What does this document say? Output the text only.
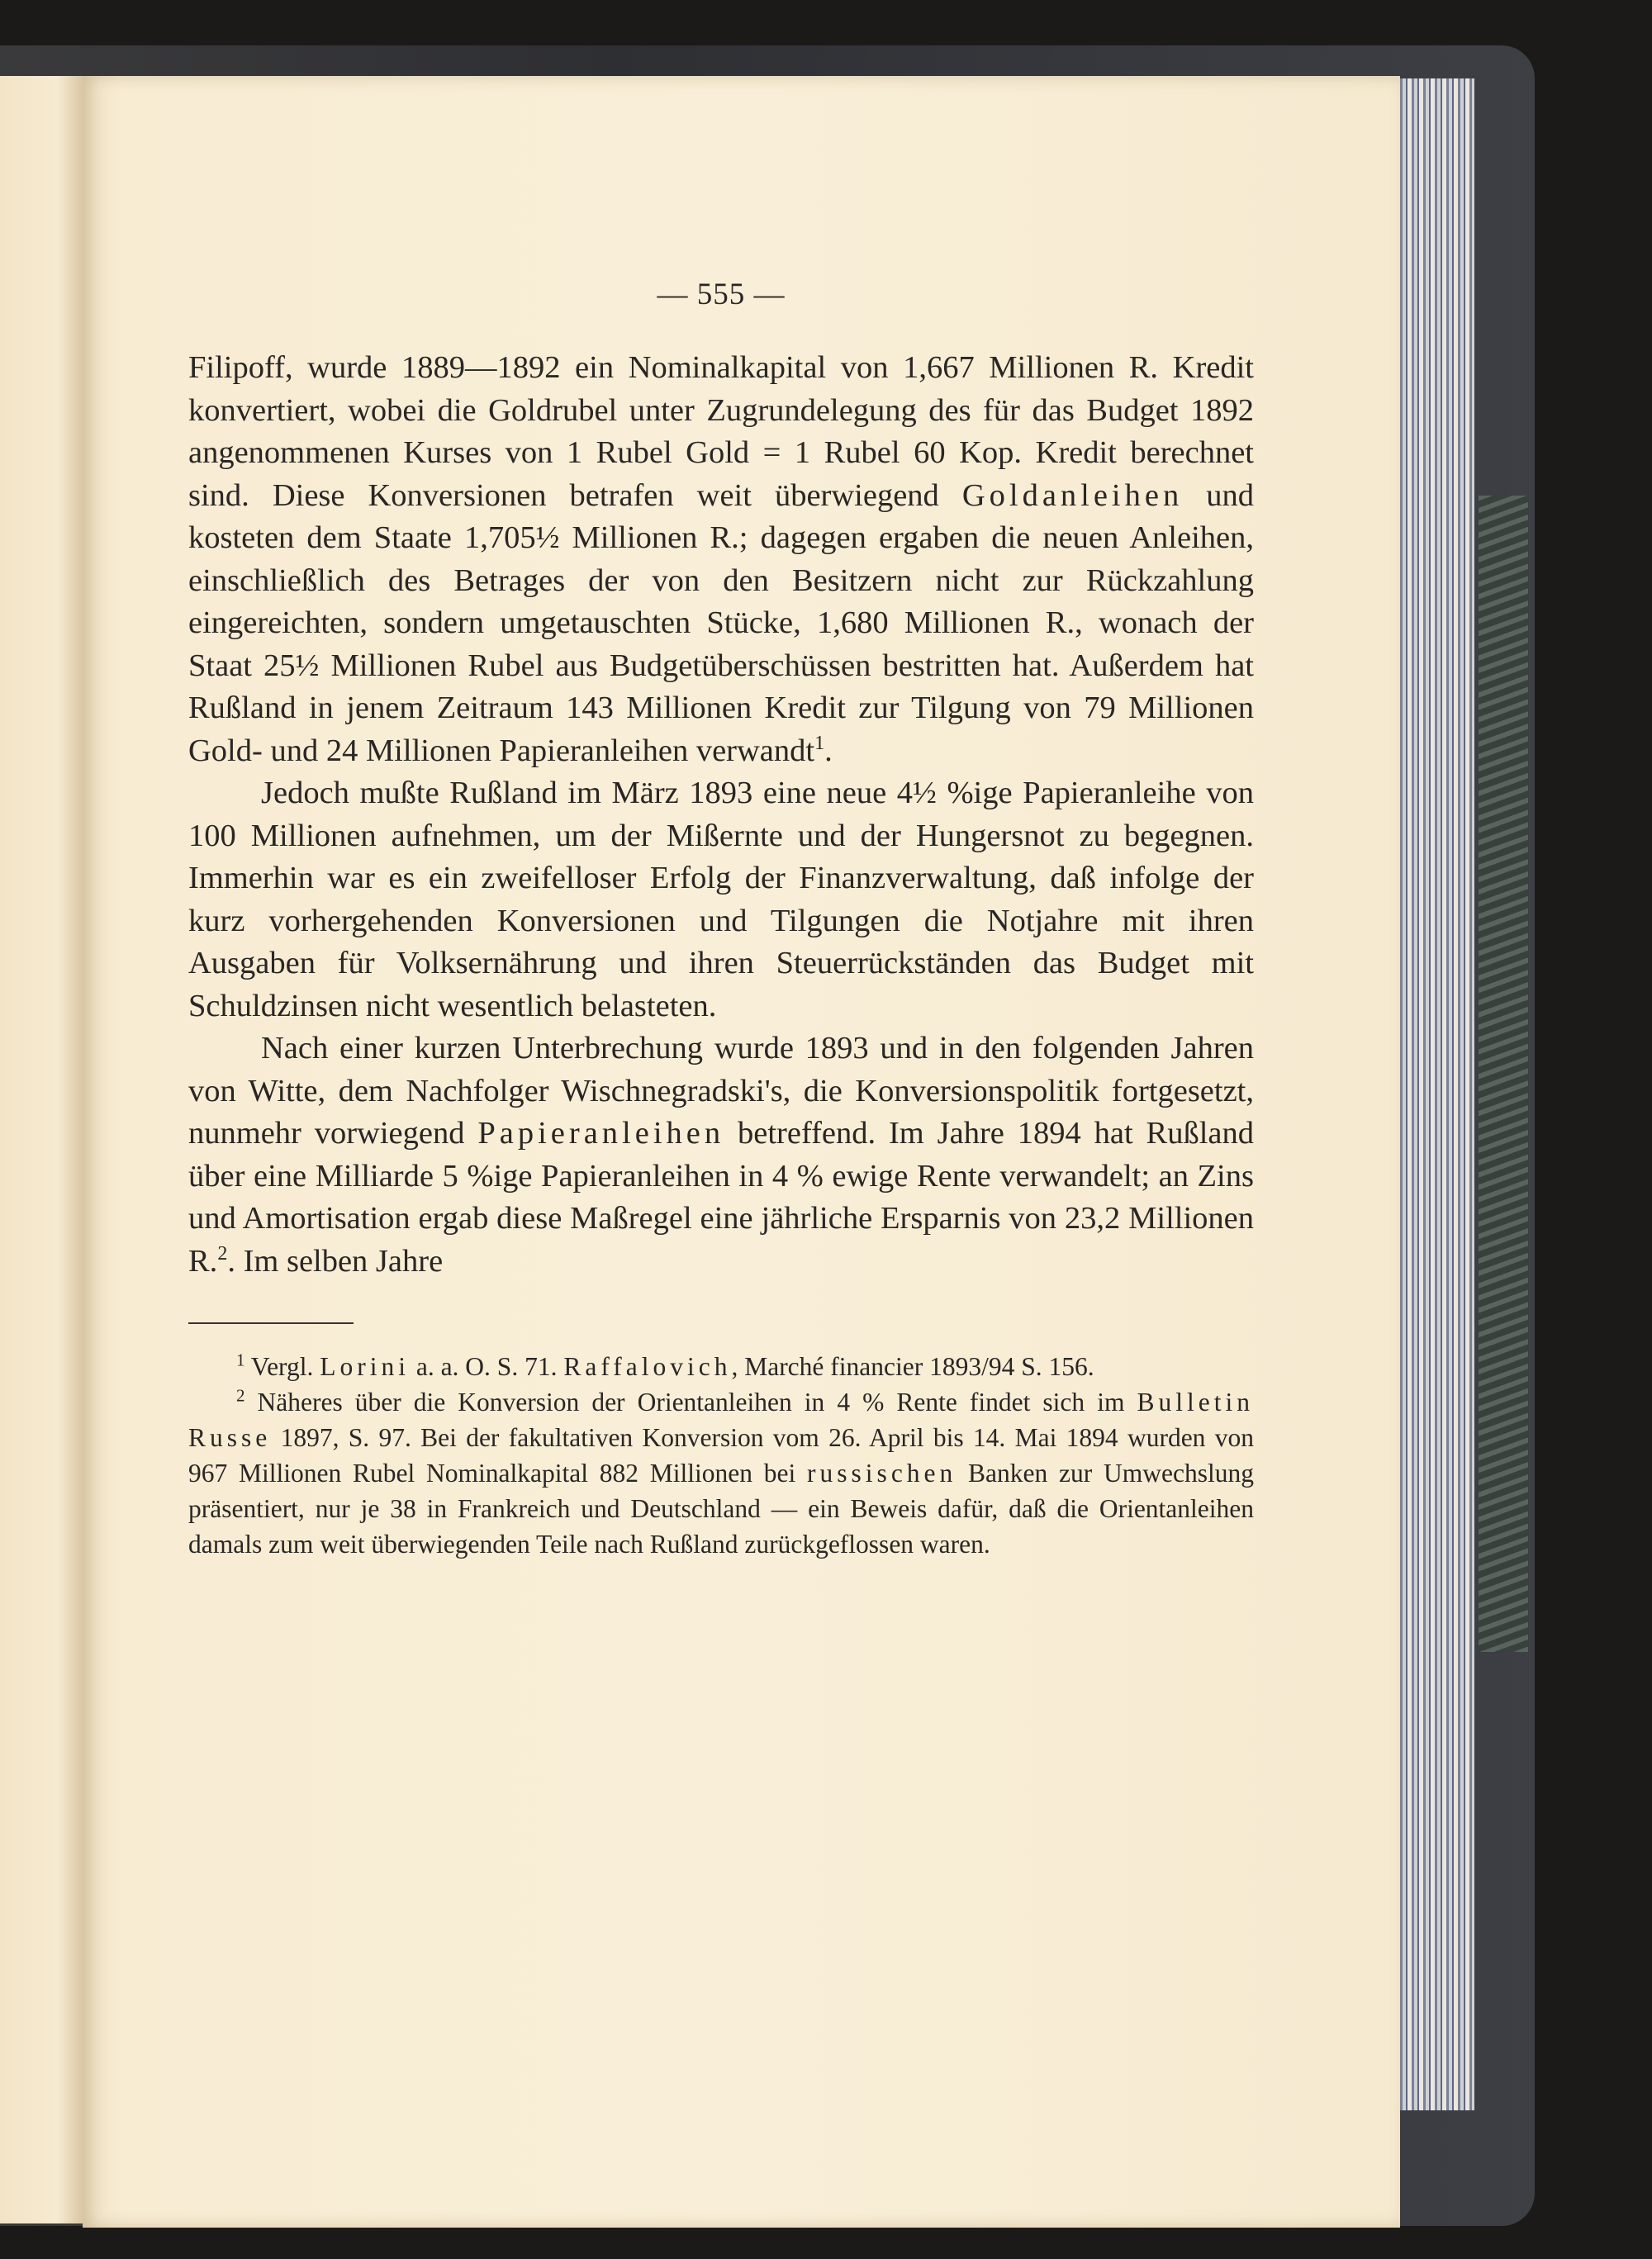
— 555 —

Filipoff, wurde 1889—1892 ein Nominalkapital von 1,667 Millionen R. Kredit konvertiert, wobei die Goldrubel unter Zugrundelegung des für das Budget 1892 angenommenen Kurses von 1 Rubel Gold = 1 Rubel 60 Kop. Kredit berechnet sind. Diese Konversionen betrafen weit überwiegend Goldanleihen und kosteten dem Staate 1,705½ Millionen R.; dagegen ergaben die neuen Anleihen, einschließlich des Betrages der von den Besitzern nicht zur Rückzahlung eingereichten, sondern umgetauschten Stücke, 1,680 Millionen R., wonach der Staat 25½ Millionen Rubel aus Budgetüberschüssen bestritten hat. Außerdem hat Rußland in jenem Zeitraum 143 Millionen Kredit zur Tilgung von 79 Millionen Gold- und 24 Millionen Papieranleihen verwandt$^1$.

Jedoch mußte Rußland im März 1893 eine neue 4½ %ige Papieranleihe von 100 Millionen aufnehmen, um der Mißernte und der Hungersnot zu begegnen. Immerhin war es ein zweifelloser Erfolg der Finanzverwaltung, daß infolge der kurz vorhergehenden Konversionen und Tilgungen die Notjahre mit ihren Ausgaben für Volksernährung und ihren Steuerrückständen das Budget mit Schuldzinsen nicht wesentlich belasteten.

Nach einer kurzen Unterbrechung wurde 1893 und in den folgenden Jahren von Witte, dem Nachfolger Wischnegradski's, die Konversionspolitik fortgesetzt, nunmehr vorwiegend Papieranleihen betreffend. Im Jahre 1894 hat Rußland über eine Milliarde 5 %ige Papieranleihen in 4 % ewige Rente verwandelt; an Zins und Amortisation ergab diese Maßregel eine jährliche Ersparnis von 23,2 Millionen R.$^2$. Im selben Jahre

$^1$ Vergl. Lorini a. a. O. S. 71. Raffalovich, Marché financier 1893/94 S. 156.

$^2$ Näheres über die Konversion der Orientanleihen in 4 % Rente findet sich im Bulletin Russe 1897, S. 97. Bei der fakultativen Konversion vom 26. April bis 14. Mai 1894 wurden von 967 Millionen Rubel Nominalkapital 882 Millionen bei russischen Banken zur Umwechslung präsentiert, nur je 38 in Frankreich und Deutschland — ein Beweis dafür, daß die Orientanleihen damals zum weit überwiegenden Teile nach Rußland zurückgeflossen waren.
